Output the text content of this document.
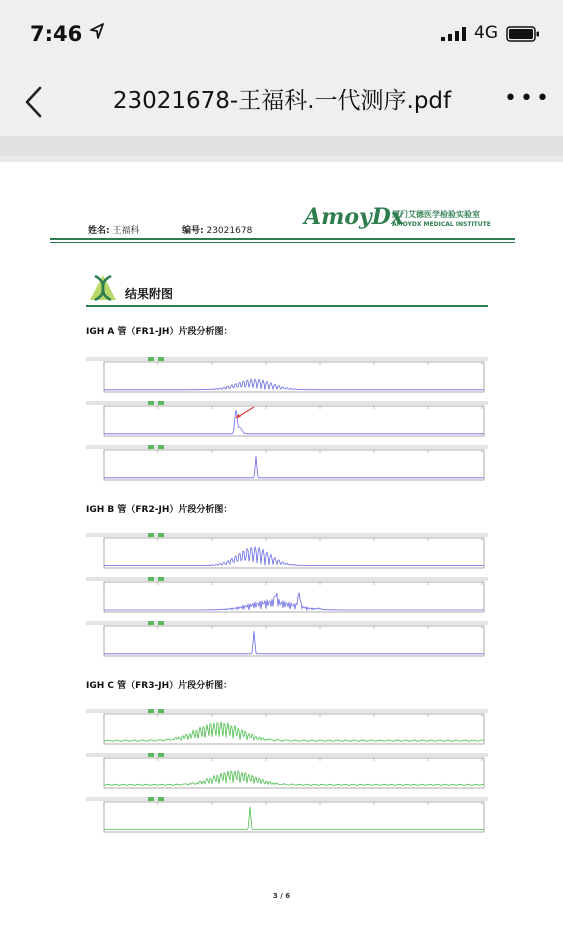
7:46	4G
23021678-王福科.一代测序.pdf	•••
姓名: 王福科	编号: 23021678
AmoyDx
厦门艾德医学检验实验室
AMOYDX MEDICAL INSTITUTE
结果附图
IGH A 管（FR1-JH）片段分析图：
IGH B 管（FR2-JH）片段分析图：
IGH C 管（FR3-JH）片段分析图：
3 / 6
